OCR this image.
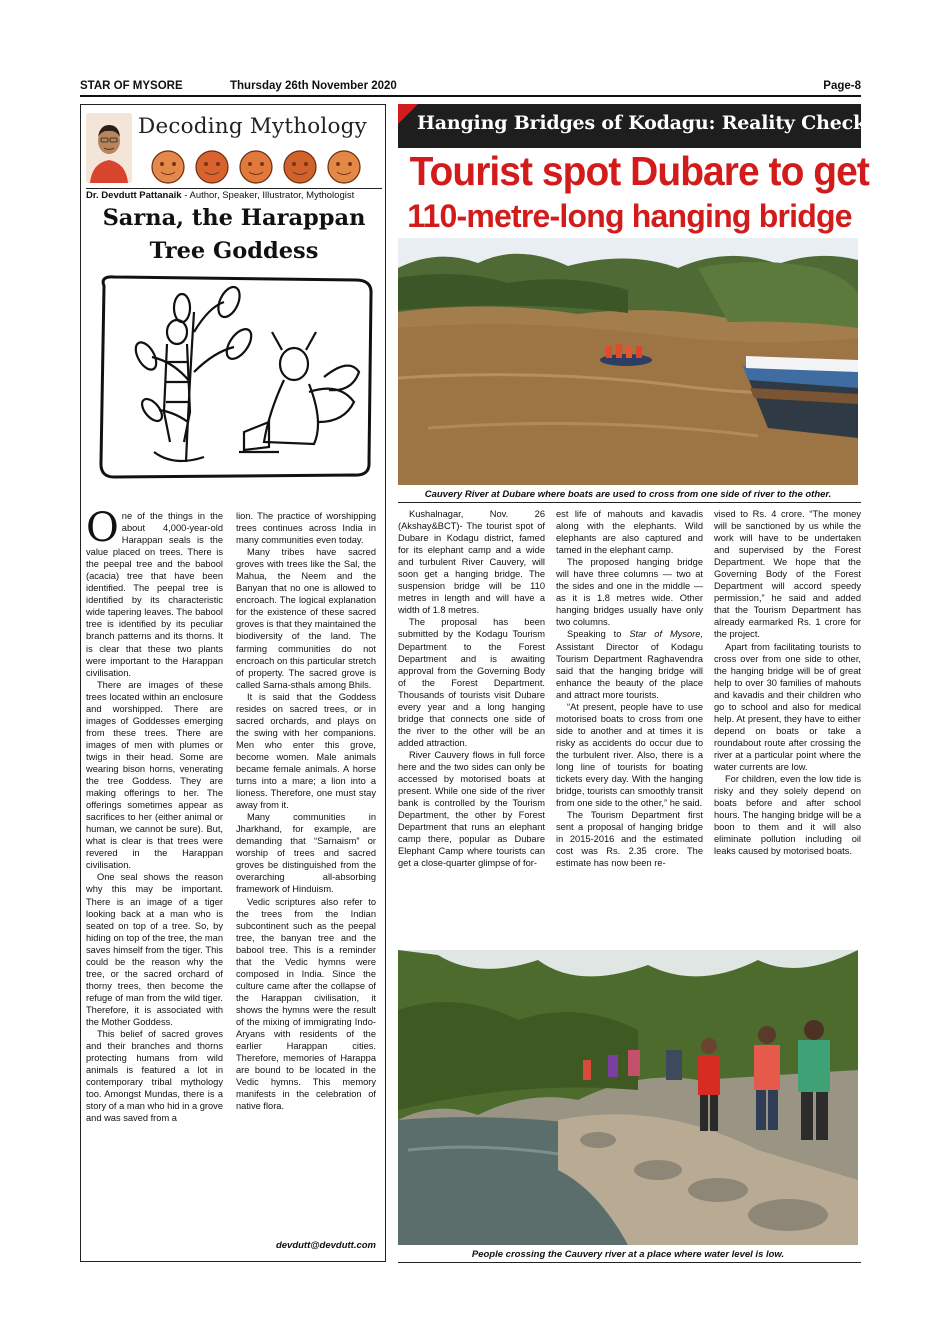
STAR OF MYSORE	Thursday 26th November 2020	Page-8
Decoding Mythology
Dr. Devdutt Pattanaik - Author, Speaker, Illustrator, Mythologist
Sarna, the Harappan Tree Goddess

One of the things in the about 4,000-year-old Harappan seals is the value placed on trees. There is the peepal tree and the babool (acacia) tree that have been identified. The peepal tree is identified by its characteristic wide tapering leaves. The babool tree is identified by its peculiar branch patterns and its thorns. It is clear that these two plants were important to the Harappan civilisation.

There are images of these trees located within an enclosure and worshipped. There are images of Goddesses emerging from these trees. There are images of men with plumes or twigs in their head. Some are wearing bison horns, venerating the tree Goddess. They are making offerings to her. The offerings sometimes appear as sacrifices to her (either animal or human, we cannot be sure). But, what is clear is that trees were revered in the Harappan civilisation.

One seal shows the reason why this may be important. There is an image of a tiger looking back at a man who is seated on top of a tree. So, by hiding on top of the tree, the man saves himself from the tiger. This could be the reason why the tree, or the sacred orchard of thorny trees, then become the refuge of man from the wild tiger. Therefore, it is associated with the Mother Goddess.

This belief of sacred groves and their branches and thorns protecting humans from wild animals is featured a lot in contemporary tribal mythology too. Amongst Mundas, there is a story of a man who hid in a grove and was saved from a

lion. The practice of worshipping trees continues across India in many communities even today.

Many tribes have sacred groves with trees like the Sal, the Mahua, the Neem and the Banyan that no one is allowed to encroach. The logical explanation for the existence of these sacred groves is that they maintained the biodiversity of the land. The farming communities do not encroach on this particular stretch of property. The sacred grove is called Sarna-sthals among Bhils.

It is said that the Goddess resides on sacred trees, or in sacred orchards, and plays on the swing with her companions. Men who enter this grove, become women. Male animals became female animals. A horse turns into a mare; a lion into a lioness. Therefore, one must stay away from it.

Many communities in Jharkhand, for example, are demanding that “Sarnaism” or worship of trees and sacred groves be distinguished from the overarching all-absorbing framework of Hinduism.

Vedic scriptures also refer to the trees from the Indian subcontinent such as the peepal tree, the banyan tree and the babool tree. This is a reminder that the Vedic hymns were composed in India. Since the culture came after the collapse of the Harappan civilisation, it shows the hymns were the result of the mixing of immigrating Indo-Aryans with residents of the earlier Harappan cities. Therefore, memories of Harappa are bound to be located in the Vedic hymns. This memory manifests in the celebration of native flora.

devdutt@devdutt.com
Hanging Bridges of Kodagu: Reality Check - 1
Tourist spot Dubare to get
110-metre-long hanging bridge
Cauvery River at Dubare where boats are used to cross from one side of river to the other.

Kushalnagar, Nov. 26 (Akshay&BCT)- The tourist spot of Dubare in Kodagu district, famed for its elephant camp and a wide and turbulent River Cauvery, will soon get a hanging bridge. The suspension bridge will be 110 metres in length and will have a width of 1.8 metres.

The proposal has been submitted by the Kodagu Tourism Department to the Forest Department and is awaiting approval from the Governing Body of the Forest Department. Thousands of tourists visit Dubare every year and a long hanging bridge that connects one side of the river to the other will be an added attraction.

River Cauvery flows in full force here and the two sides can only be accessed by motorised boats at present. While one side of the river bank is controlled by the Tourism Department, the other by Forest Department that runs an elephant camp there, popular as Dubare Elephant Camp where tourists can get a close-quarter glimpse of for-

est life of mahouts and kavadis along with the elephants. Wild elephants are also captured and tamed in the elephant camp.

The proposed hanging bridge will have three columns — two at the sides and one in the middle — as it is 1.8 metres wide. Other hanging bridges usually have only two columns.

Speaking to Star of Mysore, Assistant Director of Kodagu Tourism Department Raghavendra said that the hanging bridge will enhance the beauty of the place and attract more tourists.

“At present, people have to use motorised boats to cross from one side to another and at times it is risky as accidents do occur due to the turbulent river. Also, there is a long line of tourists for boating tickets every day. With the hanging bridge, tourists can smoothly transit from one side to the other,” he said.

The Tourism Department first sent a proposal of hanging bridge in 2015-2016 and the estimated cost was Rs. 2.35 crore. The estimate has now been re-

vised to Rs. 4 crore. “The money will be sanctioned by us while the work will have to be undertaken and supervised by the Forest Department. We hope that the Governing Body of the Forest Department will accord speedy permission,” he said and added that the Tourism Department has already earmarked Rs. 1 crore for the project.

Apart from facilitating tourists to cross over from one side to other, the hanging bridge will be of great help to over 30 families of mahouts and kavadis and their children who go to school and also for medical help. At present, they have to either depend on boats or take a roundabout route after crossing the river at a particular point where the water currents are low.

For children, even the low tide is risky and they solely depend on boats before and after school hours. The hanging bridge will be a boon to them and it will also eliminate pollution including oil leaks caused by motorised boats.

People crossing the Cauvery river at a place where water level is low.
